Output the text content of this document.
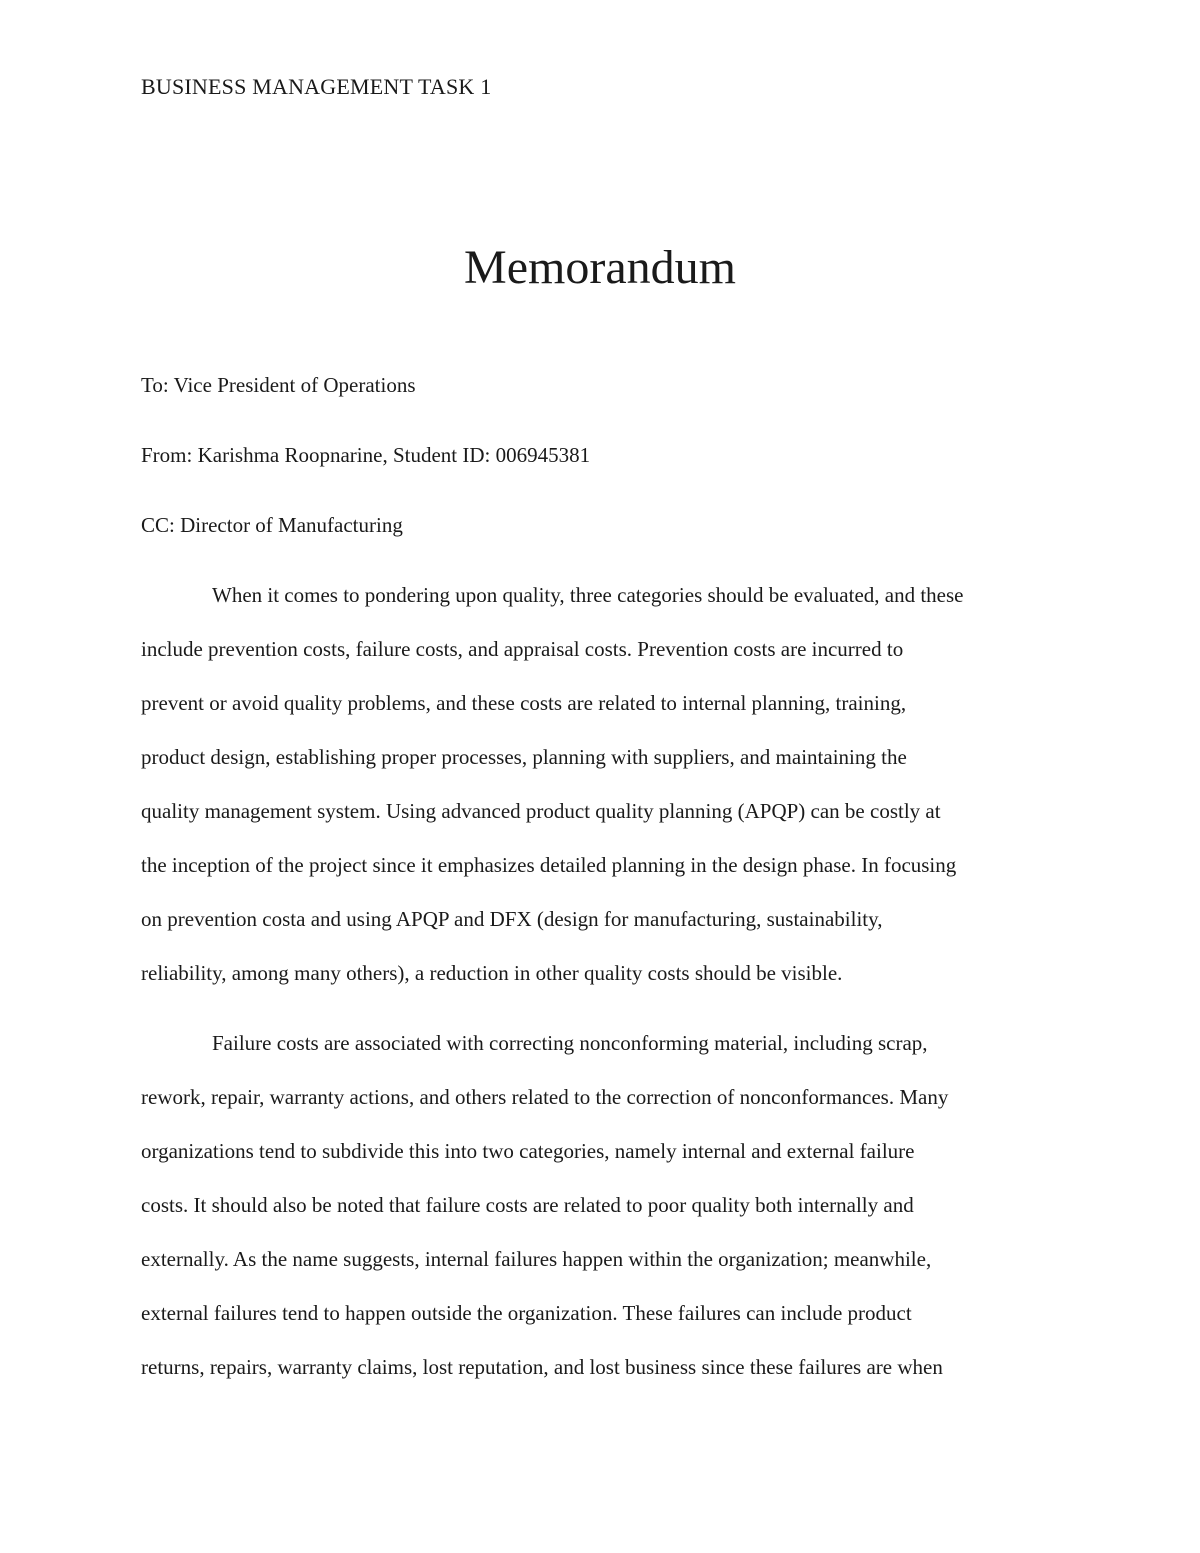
BUSINESS MANAGEMENT TASK 1
Memorandum
To: Vice President of Operations
From: Karishma Roopnarine, Student ID: 006945381
CC: Director of Manufacturing
When it comes to pondering upon quality, three categories should be evaluated, and these
include prevention costs, failure costs, and appraisal costs. Prevention costs are incurred to
prevent or avoid quality problems, and these costs are related to internal planning, training,
product design, establishing proper processes, planning with suppliers, and maintaining the
quality management system. Using advanced product quality planning (APQP) can be costly at
the inception of the project since it emphasizes detailed planning in the design phase. In focusing
on prevention costa and using APQP and DFX (design for manufacturing, sustainability,
reliability, among many others), a reduction in other quality costs should be visible.
Failure costs are associated with correcting nonconforming material, including scrap,
rework, repair, warranty actions, and others related to the correction of nonconformances. Many
organizations tend to subdivide this into two categories, namely internal and external failure
costs. It should also be noted that failure costs are related to poor quality both internally and
externally. As the name suggests, internal failures happen within the organization; meanwhile,
external failures tend to happen outside the organization. These failures can include product
returns, repairs, warranty claims, lost reputation, and lost business since these failures are when
